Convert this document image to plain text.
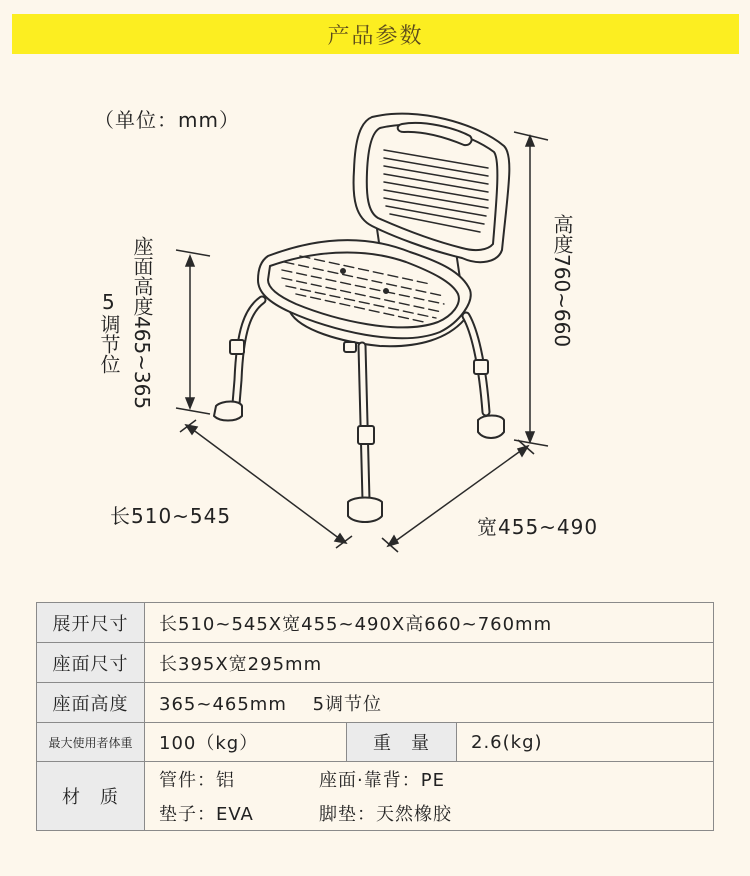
产品参数
（单位：mm）
座面高度465~365
5
调节位	高度760~660
长510~545	宽455~490
展开尺寸	长510~545X宽455~490X高660~760mm		
座面尺寸	长395X宽295mm		
座面高度	365~465mm　 5调节位		
最大使用者体重	100（kg）	重　量	2.6(kg)
材　质	管件：铝 座面·靠背：PE
垫子：EVA 脚垫：天然橡胶		
